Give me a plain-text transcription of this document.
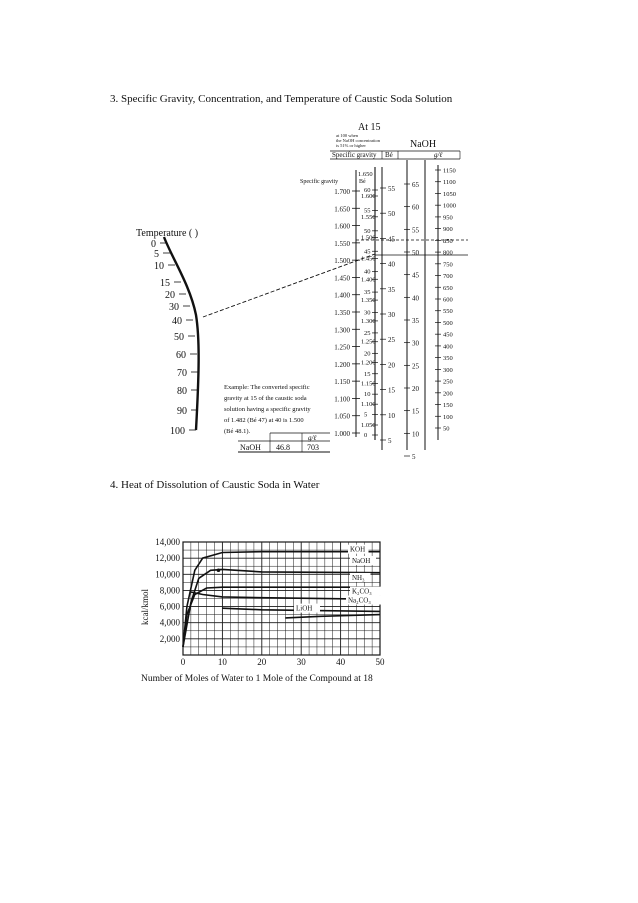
3. Specific Gravity, Concentration, and Temperature of Caustic Soda Solution
4. Heat of Dissolution of Caustic Soda in Water
At 15
at 100 when
the NaOH concentration
is 51% or higher	NaOH
Specific gravity Bé	g/ℓ
Specific gravity	Bé
Temperature ( )
0
5
10
15
20
30
40
50
60
70
80
90
100
1.700
1.650
1.600
1.550
1.500
1.450
1.400
1.350
1.300
1.250
1.200
1.150
1.100
1.050
1.000
1.650
1.600
1.550
1.500
1.450
1.400
1.350
1.300
1.250
1.200
1.150
1.100
1.050
60
55
50
45
40
35
30
25
20
15
10
5
0
55
50
45
40
35
30
25
20
15
10
5
65
60
55
50
45
40
35
30
25
20
15
10
5
1150
1100
1050
1000
950
900
850
800
750
700
650
600
550
500
450
400
350
300
250
200
150
100
50
Example: The converted specific
gravity at 15 of the caustic soda
solution having a specific gravity
of 1.482 (Bé 47) at 40 is 1.500
(Bé 48.1).
g/ℓ
NaOH 46.8 703
0	10	20	30	40	50
2,000
4,000
6,000
8,000
10,000
12,000
14,000
KOH
NaOH
NH₃
K₂CO₃
Na₂CO₃
LiOH
kcal/kmol
Number of Moles of Water to 1 Mole of the Compound at 18
